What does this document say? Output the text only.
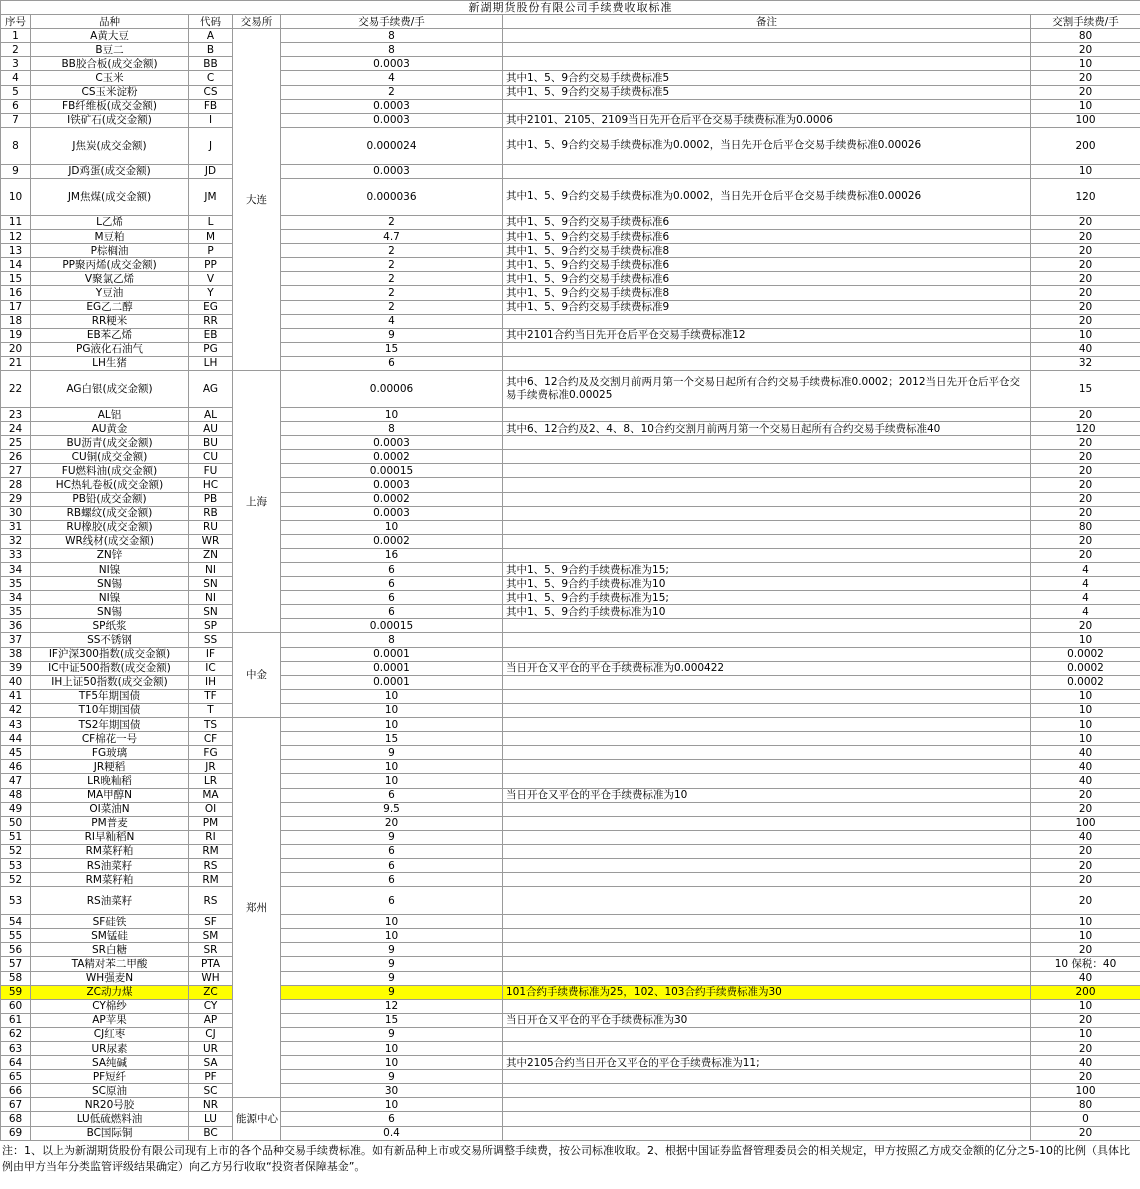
新湖期货股份有限公司手续费收取标准						
序号	品种	代码	交易所	交易手续费/手	备注	交割手续费/手
1	A黄大豆	A	大连	8		80
2	B豆二	B		8		20
3	BB胶合板(成交金额)	BB		0.0003		10
4	C玉米	C		4	其中1、5、9合约交易手续费标准5	20
5	CS玉米淀粉	CS		2	其中1、5、9合约交易手续费标准5	20
6	FB纤维板(成交金额)	FB		0.0003		10
7	I铁矿石(成交金额)	I		0.0003	其中2101、2105、2109当日先开仓后平仓交易手续费标准为0.0006	100
8	J焦炭(成交金额)	J		0.000024	其中1、5、9合约交易手续费标准为0.0002，当日先开仓后平仓交易手续费标准0.00026	200
9	JD鸡蛋(成交金额)	JD		0.0003		10
10	JM焦煤(成交金额)	JM		0.000036	其中1、5、9合约交易手续费标准为0.0002，当日先开仓后平仓交易手续费标准0.00026	120
11	L乙烯	L		2	其中1、5、9合约交易手续费标准6	20
12	M豆粕	M		4.7	其中1、5、9合约交易手续费标准6	20
13	P棕榈油	P		2	其中1、5、9合约交易手续费标准8	20
14	PP聚丙烯(成交金额)	PP		2	其中1、5、9合约交易手续费标准6	20
15	V聚氯乙烯	V		2	其中1、5、9合约交易手续费标准6	20
16	Y豆油	Y		2	其中1、5、9合约交易手续费标准8	20
17	EG乙二醇	EG		2	其中1、5、9合约交易手续费标准9	20
18	RR粳米	RR		4		20
19	EB苯乙烯	EB		9	其中2101合约当日先开仓后平仓交易手续费标准12	10
20	PG液化石油气	PG		15		40
21	LH生猪	LH		6		32
22	AG白银(成交金额)	AG	上海	0.00006	其中6、12合约及及交割月前两月第一个交易日起所有合约交易手续费标准0.0002；2012当日先开仓后平仓交易手续费标准0.00025	15
23	AL铝	AL		10		20
24	AU黄金	AU		8	其中6、12合约及2、4、8、10合约交割月前两月第一个交易日起所有合约交易手续费标准40	120
25	BU沥青(成交金额)	BU		0.0003		20
26	CU铜(成交金额)	CU		0.0002		20
27	FU燃料油(成交金额)	FU		0.00015		20
28	HC热轧卷板(成交金额)	HC		0.0003		20
29	PB铅(成交金额)	PB		0.0002		20
30	RB螺纹(成交金额)	RB		0.0003		20
31	RU橡胶(成交金额)	RU		10		80
32	WR线材(成交金额)	WR		0.0002		20
33	ZN锌	ZN		16		20
34	NI镍	NI		6	其中1、5、9合约手续费标准为15;	4
35	SN锡	SN		6	其中1、5、9合约手续费标准为10	4
34	NI镍	NI		6	其中1、5、9合约手续费标准为15;	4
35	SN锡	SN		6	其中1、5、9合约手续费标准为10	4
36	SP纸浆	SP		0.00015		20
37	SS不锈钢	SS	中金	8		10
38	IF沪深300指数(成交金额)	IF		0.0001		0.0002
39	IC中证500指数(成交金额)	IC		0.0001	当日开仓又平仓的平仓手续费标准为0.000422	0.0002
40	IH上证50指数(成交金额)	IH		0.0001		0.0002
41	TF5年期国债	TF		10		10
42	T10年期国债	T		10		10
43	TS2年期国债	TS	郑州	10		10
44	CF棉花一号	CF		15		10
45	FG玻璃	FG		9		40
46	JR粳稻	JR		10		40
47	LR晚籼稻	LR		10		40
48	MA甲醇N	MA		6	当日开仓又平仓的平仓手续费标准为10	20
49	OI菜油N	OI		9.5		20
50	PM普麦	PM		20		100
51	RI早籼稻N	RI		9		40
52	RM菜籽粕	RM		6		20
53	RS油菜籽	RS		6		20
52	RM菜籽粕	RM		6		20
53	RS油菜籽	RS		6		20
54	SF硅铁	SF		10		10
55	SM锰硅	SM		10		10
56	SR白糖	SR		9		20
57	TA精对苯二甲酸	PTA		9		10 保税：40
58	WH强麦N	WH		9		40
59	ZC动力煤	ZC		9	101合约手续费标准为25，102、103合约手续费标准为30	200
60	CY棉纱	CY		12		10
61	AP苹果	AP		15	当日开仓又平仓的平仓手续费标准为30	20
62	CJ红枣	CJ		9		10
63	UR尿素	UR		10		20
64	SA纯碱	SA		10	其中2105合约当日开仓又平仓的平仓手续费标准为11;	40
65	PF短纤	PF		9		20
66	SC原油	SC		30		100
67	NR20号胶	NR	能源中心	10		80
68	LU低硫燃料油	LU		6		0
69	BC国际铜	BC		0.4		20
注：1、以上为新湖期货股份有限公司现有上市的各个品种交易手续费标准。如有新品种上市或交易所调整手续费，按公司标准收取。2、根据中国证券监督管理委员会的相关规定，甲方按照乙方成交金额的亿分之5-10的比例（具体比例由甲方当年分类监管评级结果确定）向乙方另行收取“投资者保障基金”。
